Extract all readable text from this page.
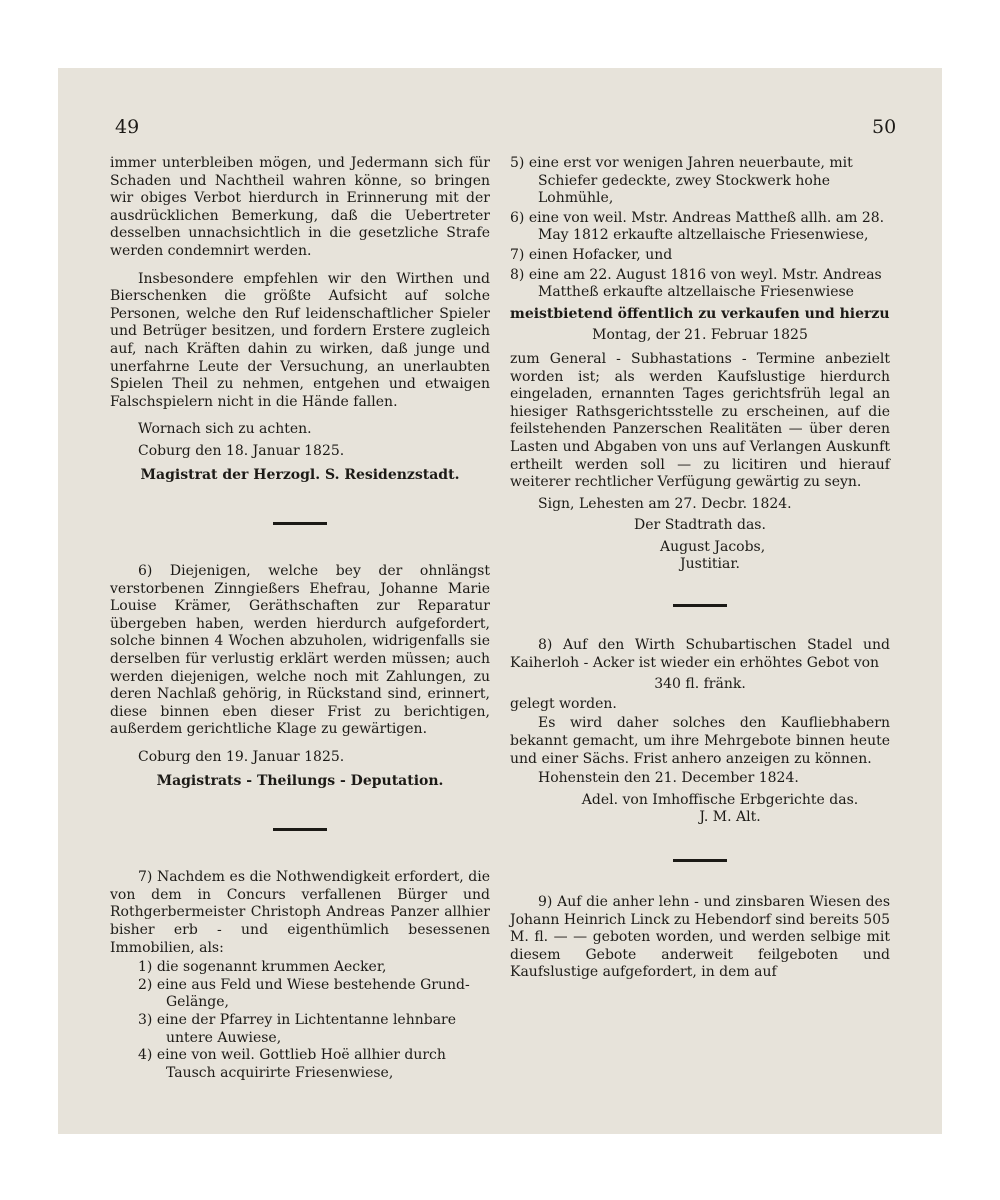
49	50

immer unterbleiben mögen, und Jedermann sich für Schaden und Nachtheil wahren könne, so bringen wir obiges Verbot hierdurch in Erinnerung mit der ausdrücklichen Bemerkung, daß die Uebertreter desselben unnachsichtlich in die gesetzliche Strafe werden condemnirt werden.

Insbesondere empfehlen wir den Wirthen und Bierschenken die größte Aufsicht auf solche Personen, welche den Ruf leidenschaftlicher Spieler und Betrüger besitzen, und fordern Erstere zugleich auf, nach Kräften dahin zu wirken, daß junge und unerfahrne Leute der Versuchung, an unerlaubten Spielen Theil zu nehmen, entgehen und etwaigen Falschspielern nicht in die Hände fallen.

Wornach sich zu achten.

Coburg den 18. Januar 1825.

Magistrat der Herzogl. S. Residenzstadt.

6) Diejenigen, welche bey der ohnlängst verstorbenen Zinngießers Ehefrau, Johanne Marie Louise Krämer, Geräthschaften zur Reparatur übergeben haben, werden hierdurch aufgefordert, solche binnen 4 Wochen abzuholen, widrigenfalls sie derselben für verlustig erklärt werden müssen; auch werden diejenigen, welche noch mit Zahlungen, zu deren Nachlaß gehörig, in Rückstand sind, erinnert, diese binnen eben dieser Frist zu berichtigen, außerdem gerichtliche Klage zu gewärtigen.

Coburg den 19. Januar 1825.

Magistrats - Theilungs - Deputation.

7) Nachdem es die Nothwendigkeit erfordert, die von dem in Concurs verfallenen Bürger und Rothgerbermeister Christoph Andreas Panzer allhier bisher erb - und eigenthümlich besessenen Immobilien, als:

1) die sogenannt krummen Aecker,

2) eine aus Feld und Wiese bestehende Grund-Gelänge,

3) eine der Pfarrey in Lichtentanne lehnbare untere Auwiese,

4) eine von weil. Gottlieb Hoë allhier durch Tausch acquirirte Friesenwiese,

5) eine erst vor wenigen Jahren neuerbaute, mit Schiefer gedeckte, zwey Stockwerk hohe Lohmühle,

6) eine von weil. Mstr. Andreas Mattheß allh. am 28. May 1812 erkaufte altzellaische Friesenwiese,

7) einen Hofacker, und

8) eine am 22. August 1816 von weyl. Mstr. Andreas Mattheß erkaufte altzellaische Friesenwiese

meistbietend öffentlich zu verkaufen und hierzu

Montag, der 21. Februar 1825

zum General - Subhastations - Termine anbezielt worden ist; als werden Kaufslustige hierdurch eingeladen, ernannten Tages gerichtsfrüh legal an hiesiger Rathsgerichtsstelle zu erscheinen, auf die feilstehenden Panzerschen Realitäten — über deren Lasten und Abgaben von uns auf Verlangen Auskunft ertheilt werden soll — zu licitiren und hierauf weiterer rechtlicher Verfügung gewärtig zu seyn.

Sign, Lehesten am 27. Decbr. 1824.

Der Stadtrath das.

August Jacobs,

Justitiar.

8) Auf den Wirth Schubartischen Stadel und Kaiherloh - Acker ist wieder ein erhöhtes Gebot von

340 fl. fränk.

gelegt worden.

Es wird daher solches den Kaufliebhabern bekannt gemacht, um ihre Mehrgebote binnen heute und einer Sächs. Frist anhero anzeigen zu können.

Hohenstein den 21. December 1824.

Adel. von Imhoffische Erbgerichte das.

J. M. Alt.

9) Auf die anher lehn - und zinsbaren Wiesen des Johann Heinrich Linck zu Hebendorf sind bereits 505 M. fl. — — geboten worden, und werden selbige mit diesem Gebote anderweit feilgeboten und Kaufslustige aufgefordert, in dem auf
